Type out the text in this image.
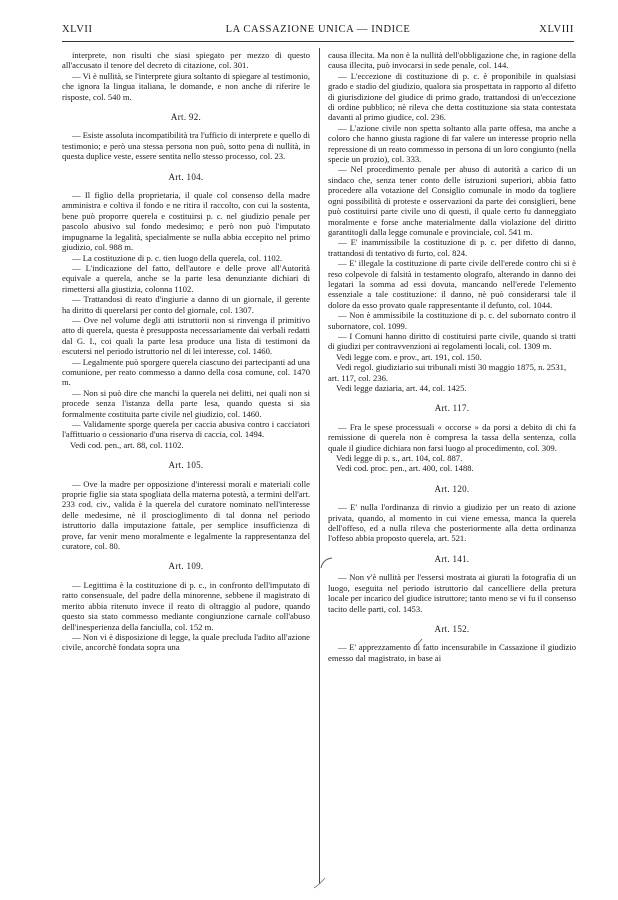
XLVII	LA CASSAZIONE UNICA — INDICE	XLVIII

interprete, non risulti che siasi spiegato per mezzo di questo all'accusato il tenore del decreto di citazione, col. 301.

— Vi è nullità, se l'interprete giura soltanto di spiegare al testimonio, che ignora la lingua italiana, le domande, e non anche di riferire le risposte, col. 540 m.

Art. 92.

— Esiste assoluta incompatibilità tra l'ufficio di interprete e quello di testimonio; e però una stessa persona non può, sotto pena di nullità, in questa duplice veste, essere sentita nello stesso processo, col. 23.

Art. 104.

— Il figlio della proprietaria, il quale col consenso della madre amministra e coltiva il fondo e ne ritira il raccolto, con cui la sostenta, bene può proporre querela e costituirsi p. c. nel giudizio penale per pascolo abusivo sul fondo medesimo; e però non può l'imputato impugnarne la legalità, specialmente se nulla abbia eccepito nel primo giudizio, col. 988 m.

— La costituzione di p. c. tien luogo della querela, col. 1102.

— L'indicazione del fatto, dell'autore e delle prove all'Autorità equivale a querela, anche se la parte lesa denunziante dichiari di rimettersi alla giustizia, colonna 1102.

— Trattandosi di reato d'ingiurie a danno di un giornale, il gerente ha diritto di querelarsi per conto del giornale, col. 1307.

— Ove nel volume degli atti istruttorii non si rinvenga il primitivo atto di querela, questa è presupposta necessariamente dai verbali redatti dal G. I., coi quali la parte lesa produce una lista di testimoni da escutersi nel periodo istruttorio nel di lei interesse, col. 1460.

— Legalmente può sporgere querela ciascuno dei partecipanti ad una comunione, per reato commesso a danno della cosa comune, col. 1470 m.

— Non si può dire che manchi la querela nei delitti, nei quali non si procede senza l'istanza della parte lesa, quando questa si sia formalmente costituita parte civile nel giudizio, col. 1460.

— Validamente sporge querela per caccia abusiva contro i cacciatori l'affittuario o cessionario d'una riserva di caccia, col. 1494.

Vedi cod. pen., art. 88, col. 1102.

Art. 105.

— Ove la madre per opposizione d'interessi morali e materiali colle proprie figlie sia stata spogliata della materna potestà, a termini dell'art. 233 cod. civ., valida è la querela del curatore nominato nell'interesse delle medesime, nè il proscioglimento di tal donna nel periodo istruttorio dalla imputazione fattale, per semplice insufficienza di prove, far venir meno moralmente e legalmente la rappresentanza del curatore, col. 80.

Art. 109.

— Legittima è la costituzione di p. c., in confronto dell'imputato di ratto consensuale, del padre della minorenne, sebbene il magistrato di merito abbia ritenuto invece il reato di oltraggio al pudore, quando questo sia stato commesso mediante congiunzione carnale coll'abuso dell'inesperienza della fanciulla, col. 152 m.

— Non vi è disposizione di legge, la quale precluda l'adito all'azione civile, ancorchè fondata sopra una

causa illecita. Ma non è la nullità dell'obbligazione che, in ragione della causa illecita, può invocarsi in sede penale, col. 144.

— L'eccezione di costituzione di p. c. è proponibile in qualsiasi grado e stadio del giudizio, qualora sia prospettata in rapporto al difetto di giurisdizione del giudice di primo grado, trattandosi di un'eccezione di ordine pubblico; nè rileva che detta costituzione sia stata contestata davanti al primo giudice, col. 236.

— L'azione civile non spetta soltanto alla parte offesa, ma anche a coloro che hanno giusta ragione di far valere un interesse proprio nella repressione di un reato commesso in persona di un loro congiunto (nella specie un prozio), col. 333.

— Nel procedimento penale per abuso di autorità a carico di un sindaco che, senza tener conto delle istruzioni superiori, abbia fatto procedere alla votazione del Consiglio comunale in modo da togliere ogni possibilità di proteste e osservazioni da parte dei consiglieri, bene può costituirsi parte civile uno di questi, il quale certo fu danneggiato moralmente e forse anche materialmente dalla violazione del diritto garantitogli dalla legge comunale e provinciale, col. 541 m.

— E' inammissibile la costituzione di p. c. per difetto di danno, trattandosi di tentativo di furto, col. 824.

— E' illegale la costituzione di parte civile dell'erede contro chi si è reso colpevole di falsità in testamento olografo, alterando in danno dei legatari la somma ad essi dovuta, mancando nell'erede l'elemento essenziale a tale costituzione: il danno, nè può considerarsi tale il dolore da esso provato quale rappresentante il defunto, col. 1044.

— Non è ammissibile la costituzione di p. c. del subornato contro il subornatore, col. 1099.

— I Comuni hanno diritto di costituirsi parte civile, quando si tratti di giudizi per contravvenzioni ai regolamenti locali, col. 1309 m.

Vedi legge com. e prov., art. 191, col. 150.

Vedi regol. giudiziario sui tribunali misti 30 maggio 1875, n. 2531, art. 117, col. 236.

Vedi legge daziaria, art. 44, col. 1425.

Art. 117.

— Fra le spese processuali « occorse » da porsi a debito di chi fa remissione di querela non è compresa la tassa della sentenza, colla quale il giudice dichiara non farsi luogo al procedimento, col. 309.

Vedi legge di p. s., art. 104, col. 887.

Vedi cod. proc. pen., art. 400, col. 1488.

Art. 120.

— E' nulla l'ordinanza di rinvio a giudizio per un reato di azione privata, quando, al momento in cui viene emessa, manca la querela dell'offeso, ed a nulla rileva che posteriormente alla detta ordinanza l'offeso abbia proposto querela, art. 521.

Art. 141.

— Non v'è nullità per l'essersi mostrata ai giurati la fotografia di un luogo, eseguita nel periodo istruttorio dal cancelliere della pretura locale per incarico del giudice istruttore; tanto meno se vi fu il consenso tacito delle parti, col. 1453.

Art. 152.

— E' apprezzamento di fatto incensurabile in Cassazione il giudizio emesso dal magistrato, in base ai
